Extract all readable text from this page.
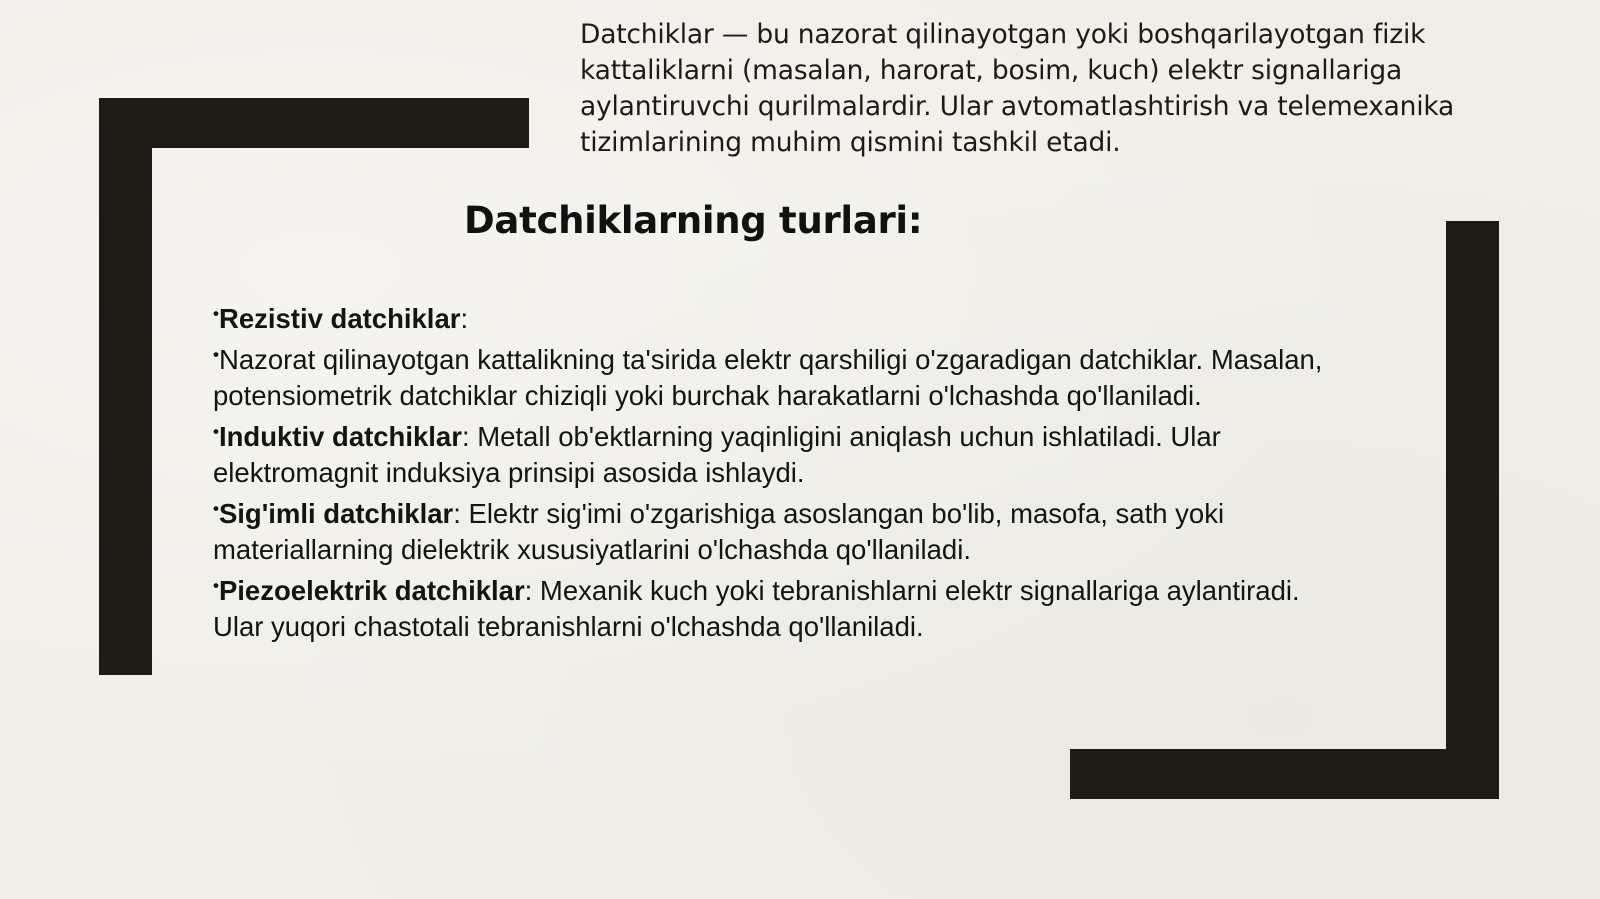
Datchiklar — bu nazorat qilinayotgan yoki boshqarilayotgan fizik kattaliklarni (masalan, harorat, bosim, kuch) elektr signallariga aylantiruvchi qurilmalardir. Ular avtomatlashtirish va telemexanika tizimlarining muhim qismini tashkil etadi.

Datchiklarning turlari:

•Rezistiv datchiklar:

•Nazorat qilinayotgan kattalikning ta'sirida elektr qarshiligi o'zgaradigan datchiklar. Masalan, potensiometrik datchiklar chiziqli yoki burchak harakatlarni o'lchashda qo'llaniladi.

•Induktiv datchiklar: Metall ob'ektlarning yaqinligini aniqlash uchun ishlatiladi. Ular elektromagnit induksiya prinsipi asosida ishlaydi.

•Sig'imli datchiklar: Elektr sig'imi o'zgarishiga asoslangan bo'lib, masofa, sath yoki materiallarning dielektrik xususiyatlarini o'lchashda qo'llaniladi.

•Piezoelektrik datchiklar: Mexanik kuch yoki tebranishlarni elektr signallariga aylantiradi. Ular yuqori chastotali tebranishlarni o'lchashda qo'llaniladi.
